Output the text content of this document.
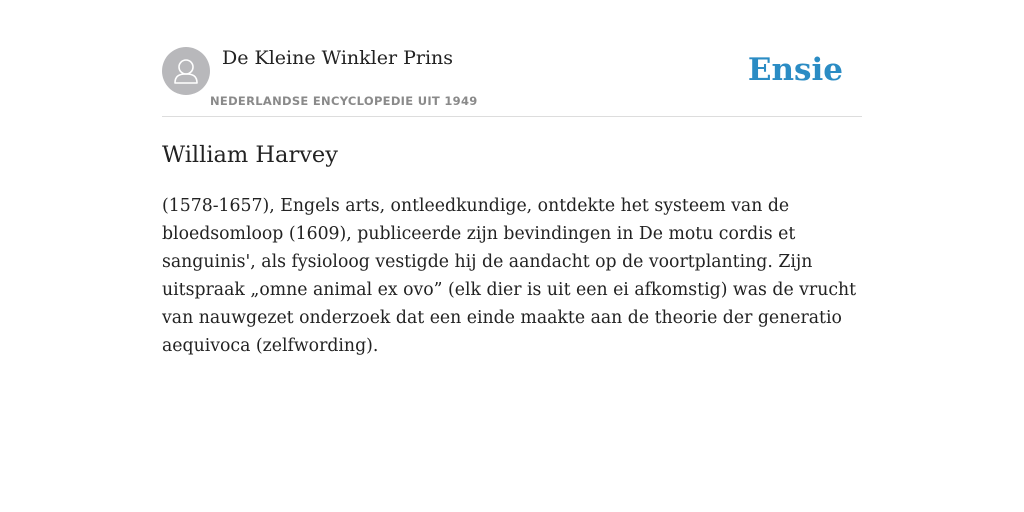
De Kleine Winkler Prins
NEDERLANDSE ENCYCLOPEDIE UIT 1949
Ensie
William Harvey

(1578-1657), Engels arts, ontleedkundige, ontdekte het systeem van de bloedsomloop (1609), publiceerde zijn bevindingen in De motu cordis et sanguinis', als fysioloog vestigde hij de aandacht op de voortplanting. Zijn uitspraak „omne animal ex ovo” (elk dier is uit een ei afkomstig) was de vrucht van nauwgezet onderzoek dat een einde maakte aan de theorie der generatio aequivoca (zelfwording).
